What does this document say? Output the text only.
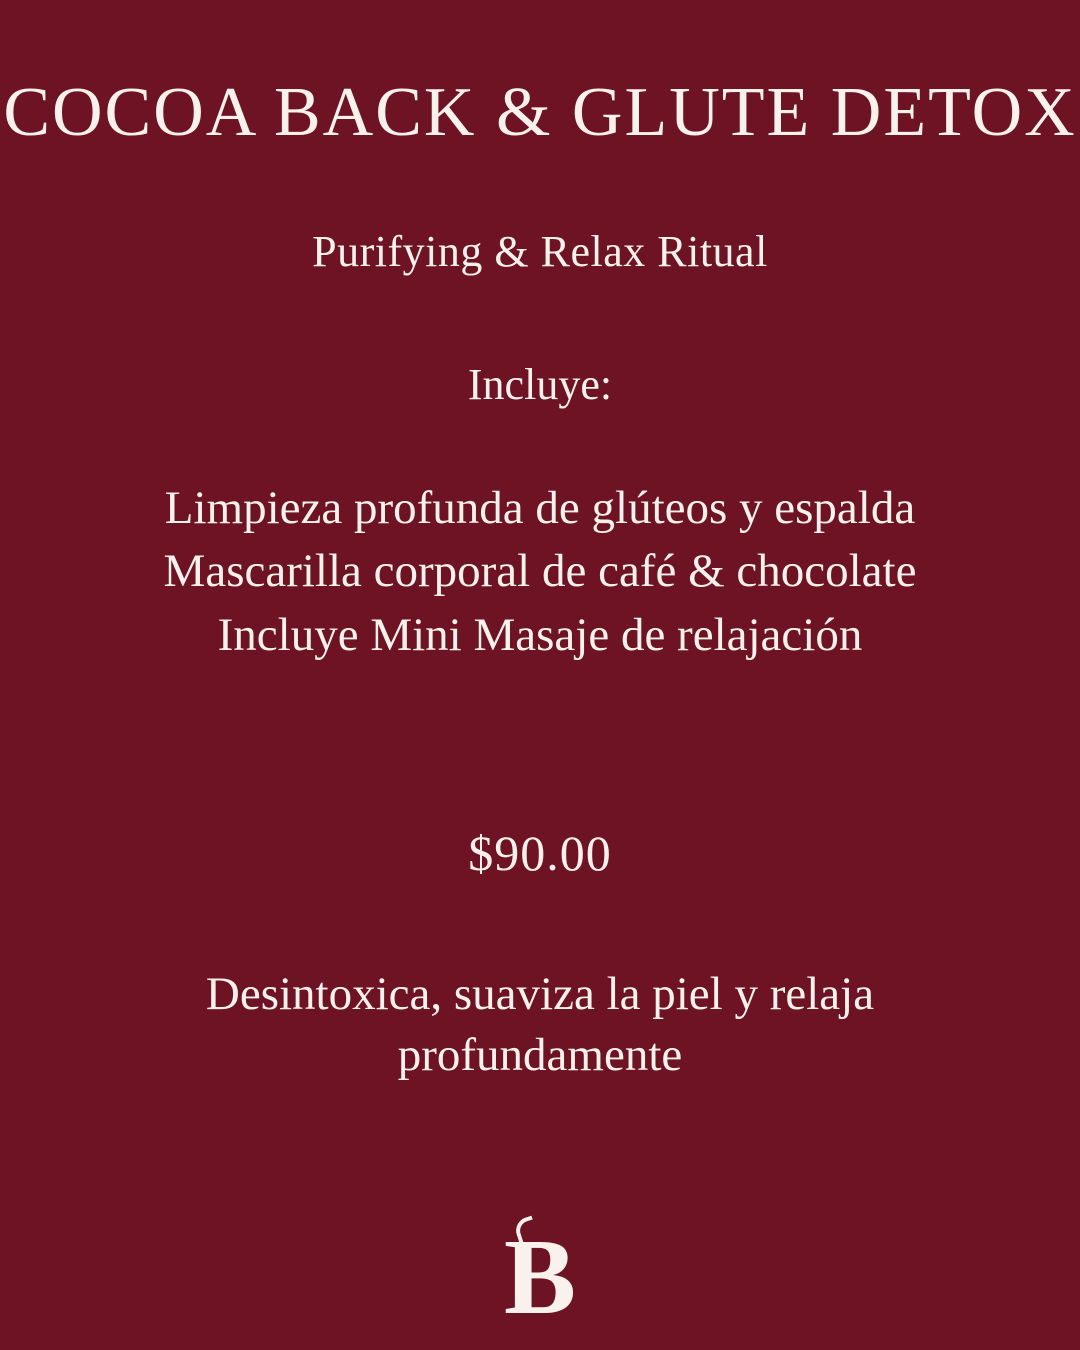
COCOA BACK & GLUTE DETOX
Purifying & Relax Ritual
Incluye:
Limpieza profunda de glúteos y espalda
Mascarilla corporal de café & chocolate
Incluye Mini Masaje de relajación
$90.00
Desintoxica, suaviza la piel y relaja profundamente
B
